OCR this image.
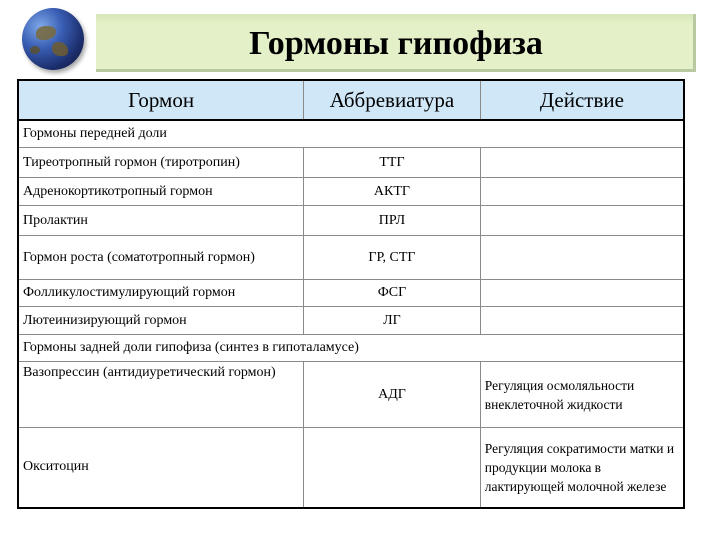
Гормоны гипофиза
Гормон	Аббревиатура	Действие
Гормоны передней доли		
Тиреотропный гормон (тиротропин)	ТТГ	
Адренокортикотропный гормон	АКТГ	
Пролактин	ПРЛ	
Гормон роста (соматотропный гормон)	ГР, СТГ	
Фолликулостимулирующий гормон	ФСГ	
Лютеинизирующий гормон	ЛГ	
Гормоны задней доли гипофиза (синтез в гипоталамусе)		
Вазопрессин (антидиуретический гормон)	АДГ	Регуляция осмоляльности внеклеточной жидкости
Окситоцин		Регуляция сократимости матки и продукции молока в лактирующей молочной железе
